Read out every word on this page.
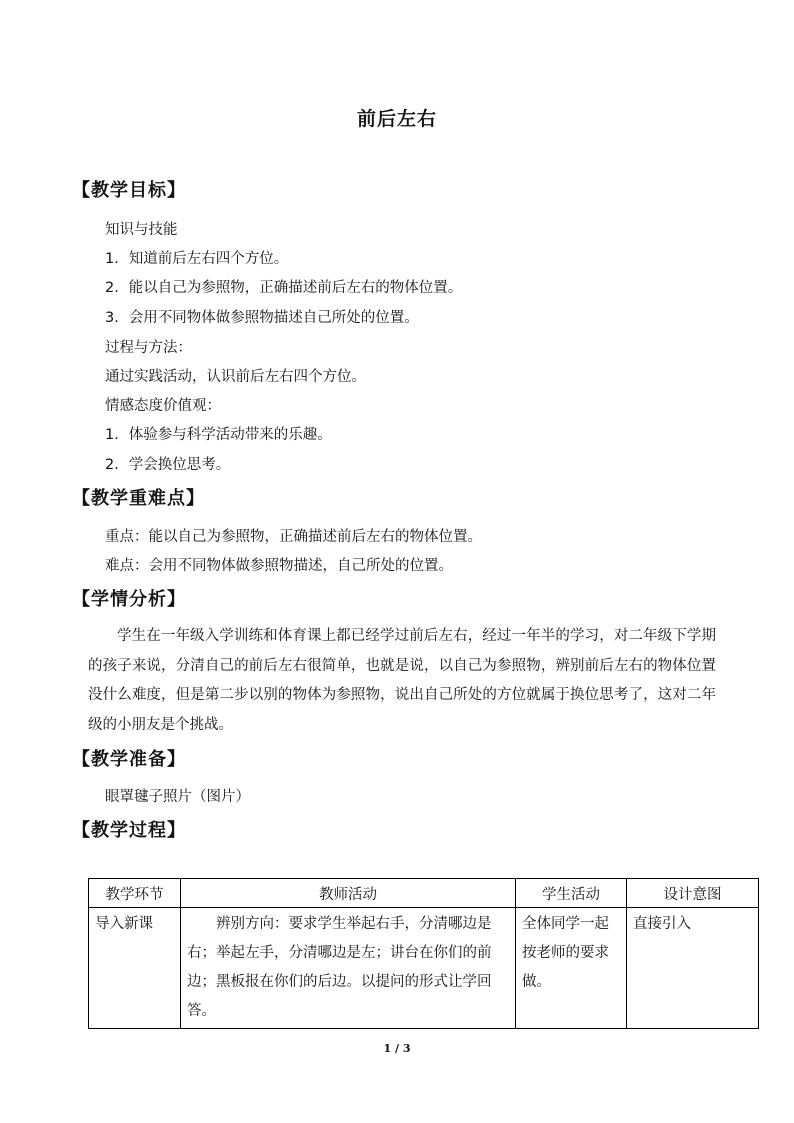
前后左右
【教学目标】
知识与技能
1．知道前后左右四个方位。
2．能以自己为参照物，正确描述前后左右的物体位置。
3．会用不同物体做参照物描述自己所处的位置。
过程与方法：
通过实践活动，认识前后左右四个方位。
情感态度价值观：
1．体验参与科学活动带来的乐趣。
2．学会换位思考。
【教学重难点】
重点：能以自己为参照物，正确描述前后左右的物体位置。
难点：会用不同物体做参照物描述，自己所处的位置。
【学情分析】
学生在一年级入学训练和体育课上都已经学过前后左右，经过一年半的学习，对二年级下学期的孩子来说，分清自己的前后左右很简单，也就是说，以自己为参照物，辨别前后左右的物体位置没什么难度，但是第二步以别的物体为参照物，说出自己所处的方位就属于换位思考了，这对二年级的小朋友是个挑战。
【教学准备】
眼罩毽子照片（图片）
【教学过程】
教学环节	教师活动	学生活动	设计意图
导入新课	辨别方向：要求学生举起右手，分清哪边是右；举起左手，分清哪边是左；讲台在你们的前边；黑板报在你们的后边。以提问的形式让学回答。	全体同学一起按老师的要求做。	直接引入
1 / 3
